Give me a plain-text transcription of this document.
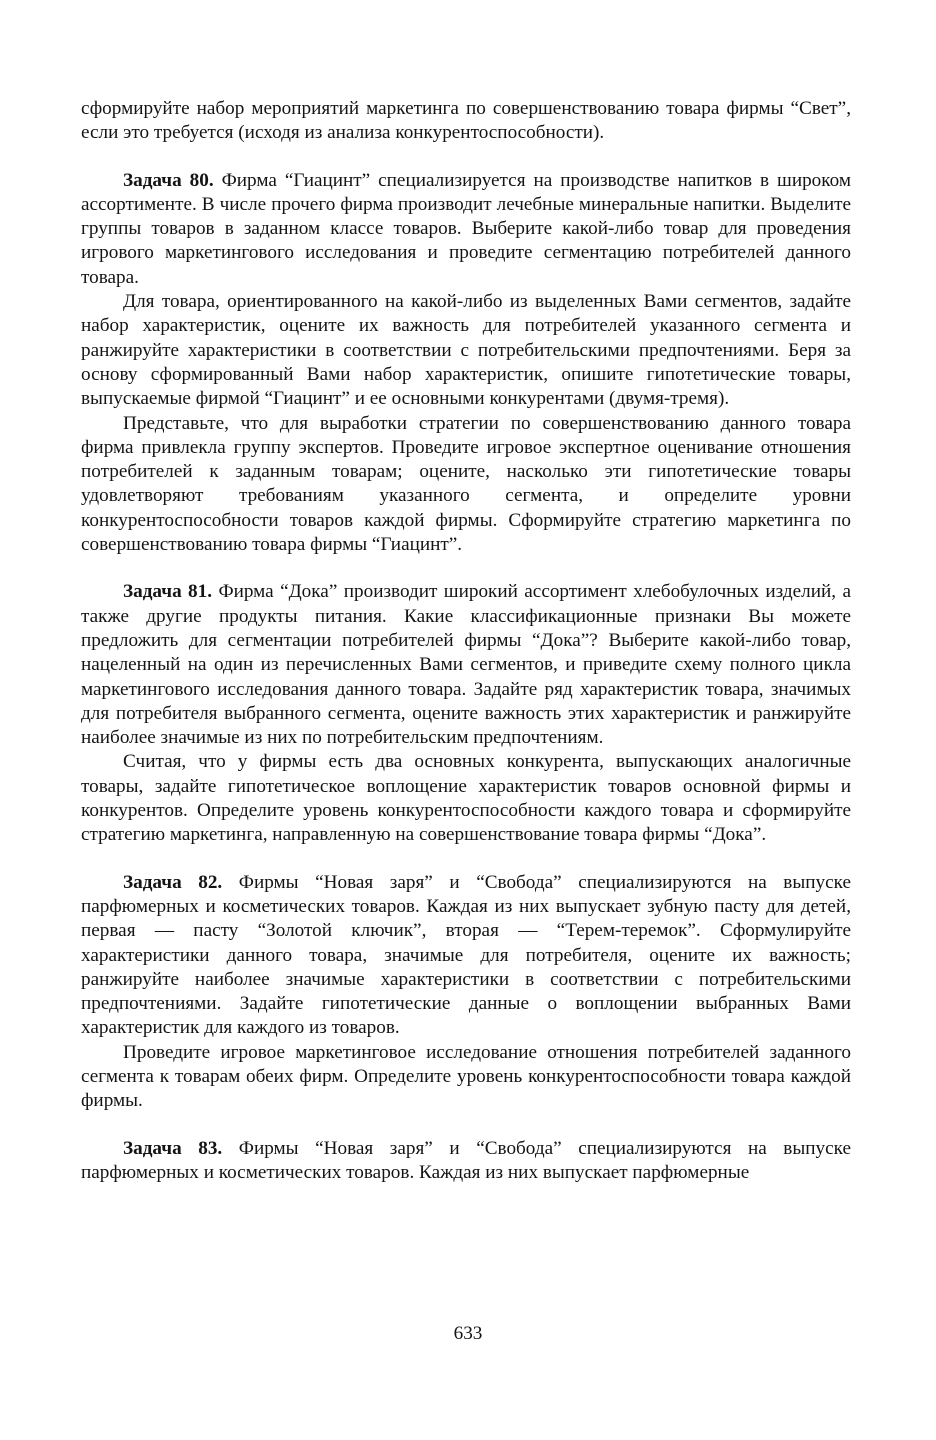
сформируйте набор мероприятий маркетинга по совершенствованию товара фирмы “Свет”, если это требуется (исходя из анализа конкурентоспособности).

Задача 80. Фирма “Гиацинт” специализируется на производстве напитков в широком ассортименте. В числе прочего фирма производит лечебные минеральные напитки. Выделите группы товаров в заданном классе товаров. Выберите какой-либо товар для проведения игрового маркетингового исследования и проведите сегментацию потребителей данного товара.

Для товара, ориентированного на какой-либо из выделенных Вами сегментов, задайте набор характеристик, оцените их важность для потребителей указанного сегмента и ранжируйте характеристики в соответствии с потребительскими предпочтениями. Беря за основу сформированный Вами набор характеристик, опишите гипотетические товары, выпускаемые фирмой “Гиацинт” и ее основными конкурентами (двумя-тремя).

Представьте, что для выработки стратегии по совершенствованию данного товара фирма привлекла группу экспертов. Проведите игровое экспертное оценивание отношения потребителей к заданным товарам; оцените, насколько эти гипотетические товары удовлетворяют требованиям указанного сегмента, и определите уровни конкурентоспособности товаров каждой фирмы. Сформируйте стратегию маркетинга по совершенствованию товара фирмы “Гиацинт”.

Задача 81. Фирма “Дока” производит широкий ассортимент хлебобулочных изделий, а также другие продукты питания. Какие классификационные признаки Вы можете предложить для сегментации потребителей фирмы “Дока”? Выберите какой-либо товар, нацеленный на один из перечисленных Вами сегментов, и приведите схему полного цикла маркетингового исследования данного товара. Задайте ряд характеристик товара, значимых для потребителя выбранного сегмента, оцените важность этих характеристик и ранжируйте наиболее значимые из них по потребительским предпочтениям.

Считая, что у фирмы есть два основных конкурента, выпускающих аналогичные товары, задайте гипотетическое воплощение характеристик товаров основной фирмы и конкурентов. Определите уровень конкурентоспособности каждого товара и сформируйте стратегию маркетинга, направленную на совершенствование товара фирмы “Дока”.

Задача 82. Фирмы “Новая заря” и “Свобода” специализируются на выпуске парфюмерных и косметических товаров. Каждая из них выпускает зубную пасту для детей, первая — пасту “Золотой ключик”, вторая — “Терем-теремок”. Сформулируйте характеристики данного товара, значимые для потребителя, оцените их важность; ранжируйте наиболее значимые характеристики в соответствии с потребительскими предпочтениями. Задайте гипотетические данные о воплощении выбранных Вами характеристик для каждого из товаров.

Проведите игровое маркетинговое исследование отношения потребителей заданного сегмента к товарам обеих фирм. Определите уровень конкурентоспособности товара каждой фирмы.

Задача 83. Фирмы “Новая заря” и “Свобода” специализируются на выпуске парфюмерных и косметических товаров. Каждая из них выпускает парфюмерные

633
